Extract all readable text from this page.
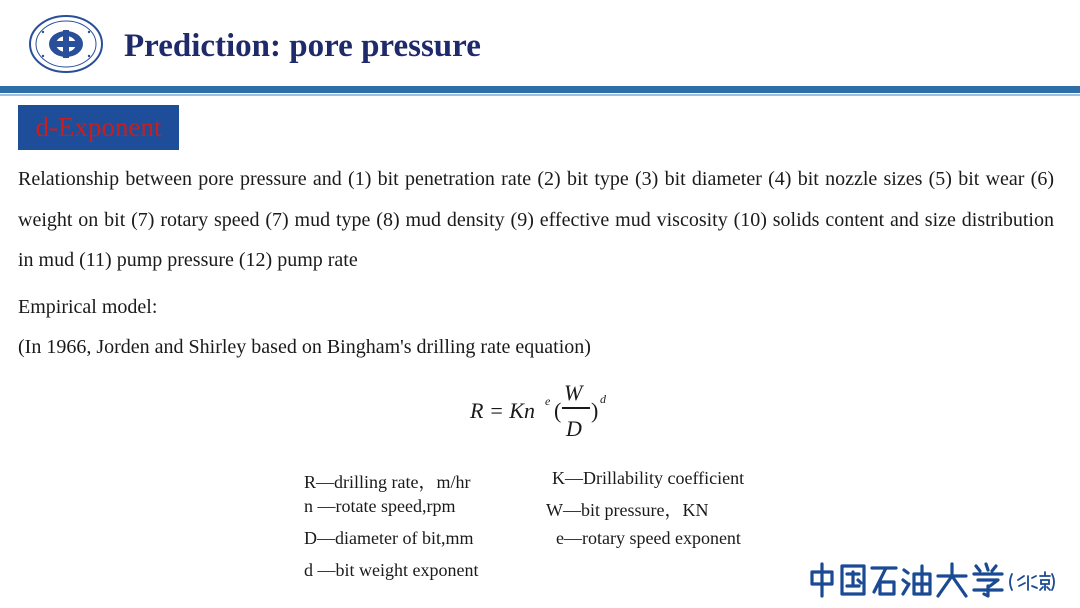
Prediction: pore pressure
d-Exponent

Relationship between pore pressure and (1) bit penetration rate (2) bit type (3) bit diameter (4) bit nozzle sizes (5) bit wear (6) weight on bit (7) rotary speed (7) mud type (8) mud density (9) effective mud viscosity (10) solids content and size distribution in mud (11) pump pressure (12) pump rate

Empirical model:
(In 1966, Jorden and Shirley based on Bingham's drilling rate equation)
R = Kn e (
W
D
) d
R—drilling rate，m/hr
n —rotate speed,rpm
D—diameter of bit,mm
d —bit weight exponent
K—Drillability coefficient
W—bit pressure，KN
e—rotary speed exponent
